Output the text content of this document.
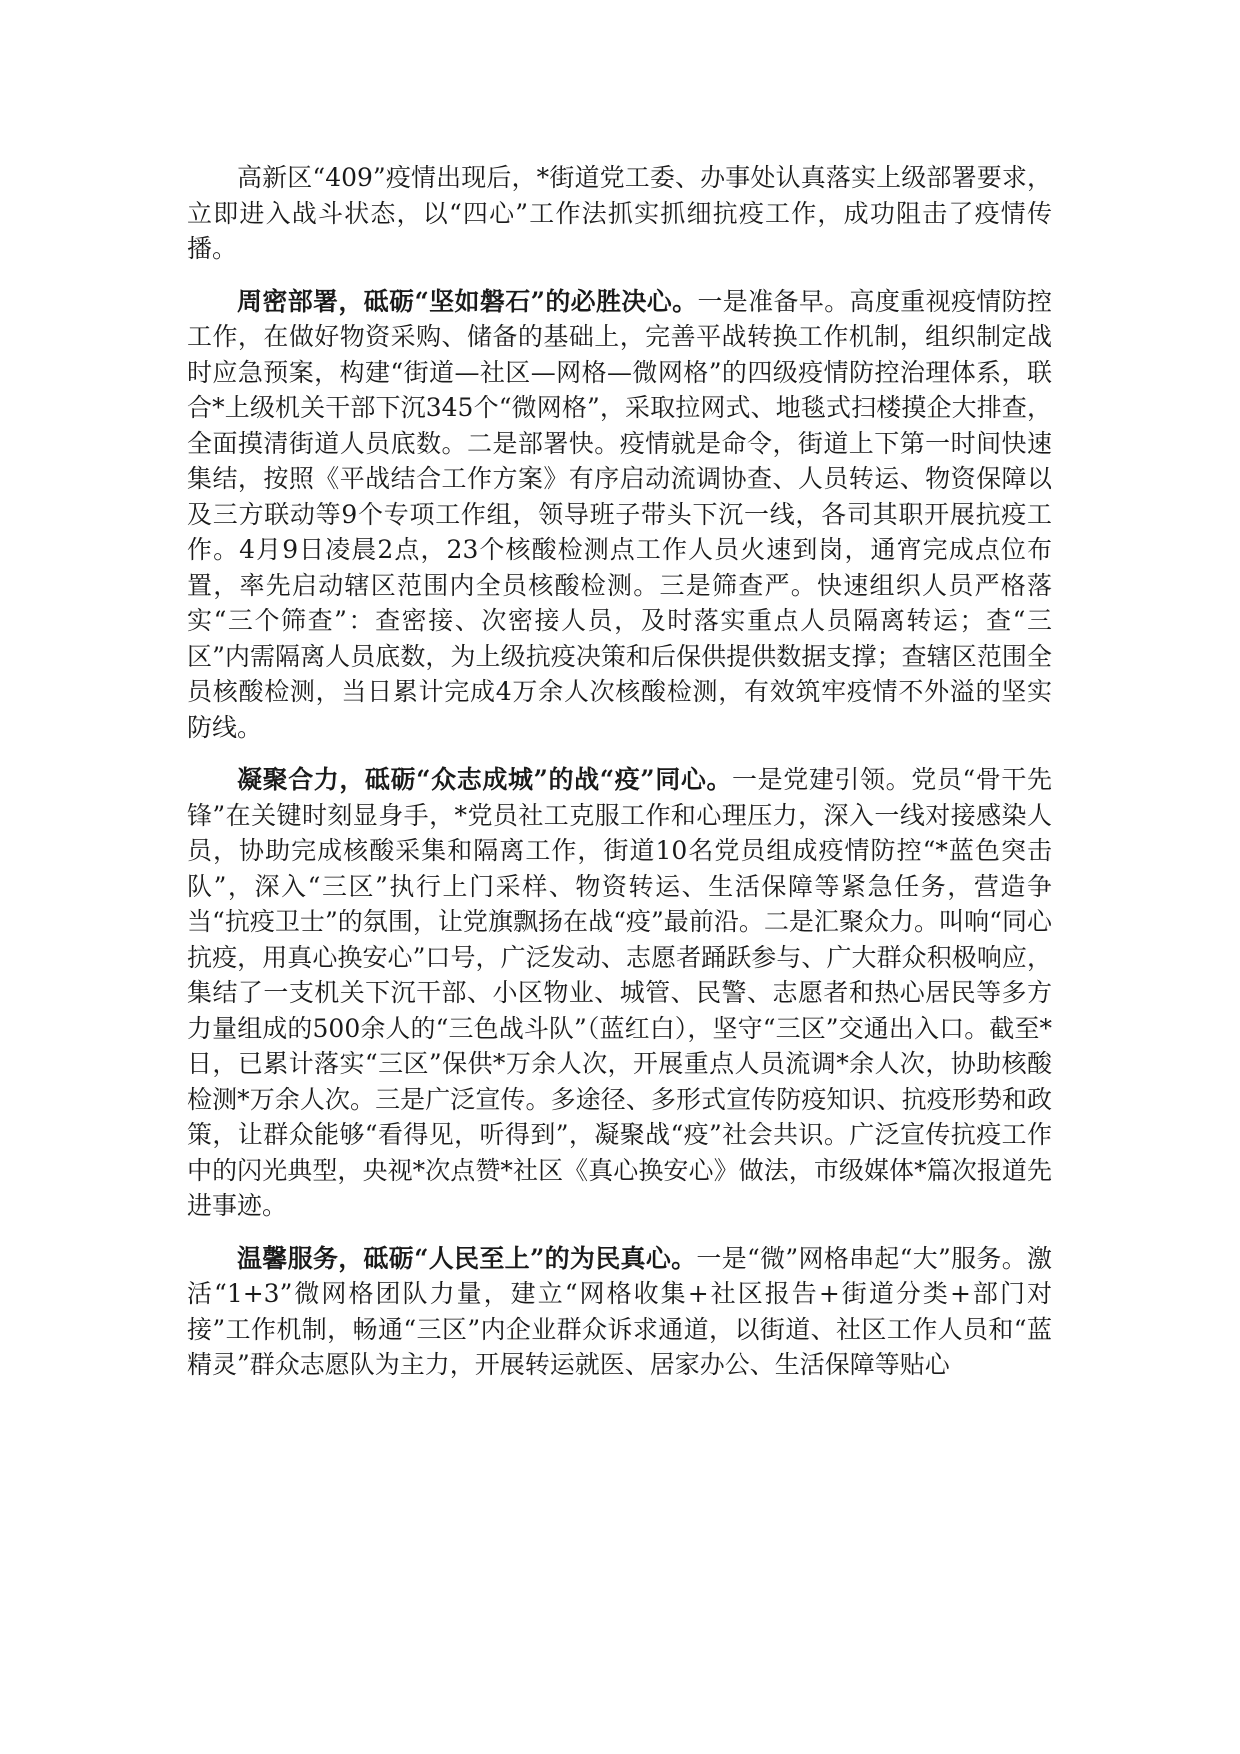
高新区“409”疫情出现后，*街道党工委、办事处认真落实上级部署要求，立即进入战斗状态，以“四心”工作法抓实抓细抗疫工作，成功阻击了疫情传播。

周密部署，砥砺“坚如磐石”的必胜决心。一是准备早。高度重视疫情防控工作，在做好物资采购、储备的基础上，完善平战转换工作机制，组织制定战时应急预案，构建“街道—社区—网格—微网格”的四级疫情防控治理体系，联合*上级机关干部下沉345个“微网格”，采取拉网式、地毯式扫楼摸企大排查，全面摸清街道人员底数。二是部署快。疫情就是命令，街道上下第一时间快速集结，按照《平战结合工作方案》有序启动流调协查、人员转运、物资保障以及三方联动等9个专项工作组，领导班子带头下沉一线，各司其职开展抗疫工作。4月9日凌晨2点，23个核酸检测点工作人员火速到岗，通宵完成点位布置，率先启动辖区范围内全员核酸检测。三是筛查严。快速组织人员严格落实“三个筛查”：查密接、次密接人员，及时落实重点人员隔离转运；查“三区”内需隔离人员底数，为上级抗疫决策和后保供提供数据支撑；查辖区范围全员核酸检测，当日累计完成4万余人次核酸检测，有效筑牢疫情不外溢的坚实防线。

凝聚合力，砥砺“众志成城”的战“疫”同心。一是党建引领。党员“骨干先锋”在关键时刻显身手，*党员社工克服工作和心理压力，深入一线对接感染人员，协助完成核酸采集和隔离工作，街道10名党员组成疫情防控“*蓝色突击队”，深入“三区”执行上门采样、物资转运、生活保障等紧急任务，营造争当“抗疫卫士”的氛围，让党旗飘扬在战“疫”最前沿。二是汇聚众力。叫响“同心抗疫，用真心换安心”口号，广泛发动、志愿者踊跃参与、广大群众积极响应，集结了一支机关下沉干部、小区物业、城管、民警、志愿者和热心居民等多方力量组成的500余人的“三色战斗队”（蓝红白），坚守“三区”交通出入口。截至*日，已累计落实“三区”保供*万余人次，开展重点人员流调*余人次，协助核酸检测*万余人次。三是广泛宣传。多途径、多形式宣传防疫知识、抗疫形势和政策，让群众能够“看得见，听得到”，凝聚战“疫”社会共识。广泛宣传抗疫工作中的闪光典型，央视*次点赞*社区《真心换安心》做法，市级媒体*篇次报道先进事迹。

温馨服务，砥砺“人民至上”的为民真心。一是“微”网格串起“大”服务。激活“1+3”微网格团队力量，建立“网格收集+社区报告+街道分类+部门对接”工作机制，畅通“三区”内企业群众诉求通道，以街道、社区工作人员和“蓝精灵”群众志愿队为主力，开展转运就医、居家办公、生活保障等贴心
